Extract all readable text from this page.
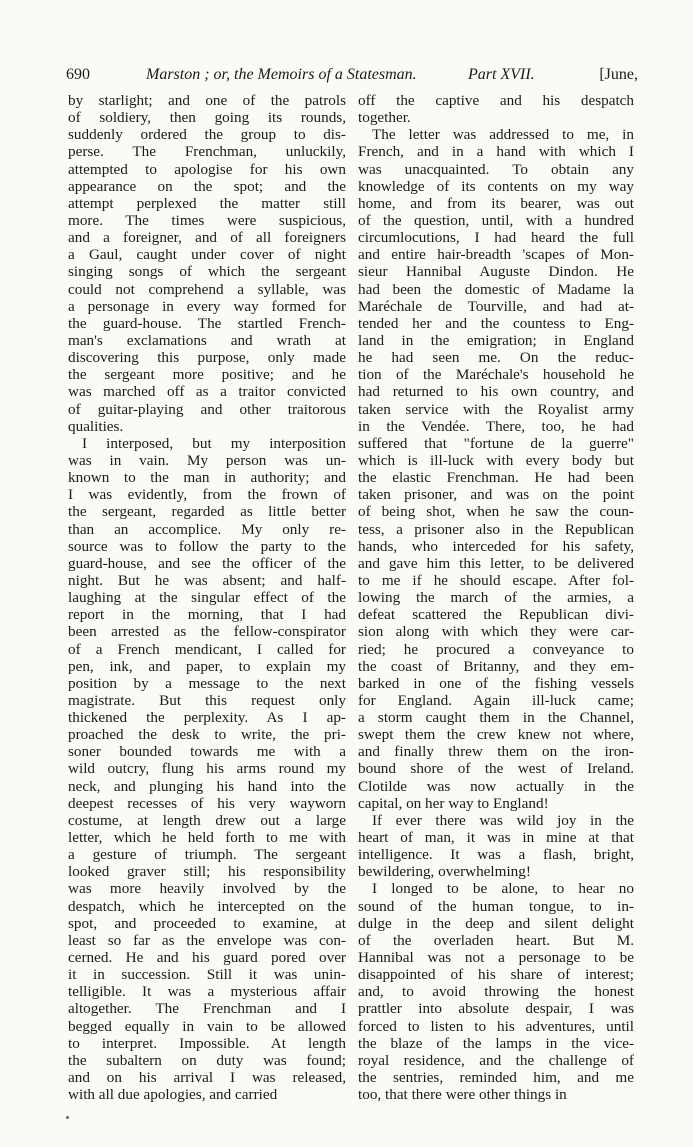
690	Marston ; or, the Memoirs of a Statesman.	Part XVII.	[June,
by starlight; and one of the patrols
of soldiery, then going its rounds,
suddenly ordered the group to dis-
perse. The Frenchman, unluckily,
attempted to apologise for his own
appearance on the spot; and the
attempt perplexed the matter still
more. The times were suspicious,
and a foreigner, and of all foreigners
a Gaul, caught under cover of night
singing songs of which the sergeant
could not comprehend a syllable, was
a personage in every way formed for
the guard-house. The startled French-
man's exclamations and wrath at
discovering this purpose, only made
the sergeant more positive; and he
was marched off as a traitor convicted
of guitar-playing and other traitorous
qualities.
I interposed, but my interposition
was in vain. My person was un-
known to the man in authority; and
I was evidently, from the frown of
the sergeant, regarded as little better
than an accomplice. My only re-
source was to follow the party to the
guard-house, and see the officer of the
night. But he was absent; and half-
laughing at the singular effect of the
report in the morning, that I had
been arrested as the fellow-conspirator
of a French mendicant, I called for
pen, ink, and paper, to explain my
position by a message to the next
magistrate. But this request only
thickened the perplexity. As I ap-
proached the desk to write, the pri-
soner bounded towards me with a
wild outcry, flung his arms round my
neck, and plunging his hand into the
deepest recesses of his very wayworn
costume, at length drew out a large
letter, which he held forth to me with
a gesture of triumph. The sergeant
looked graver still; his responsibility
was more heavily involved by the
despatch, which he intercepted on the
spot, and proceeded to examine, at
least so far as the envelope was con-
cerned. He and his guard pored over
it in succession. Still it was unin-
telligible. It was a mysterious affair
altogether. The Frenchman and I
begged equally in vain to be allowed
to interpret. Impossible. At length
the subaltern on duty was found;
and on his arrival I was released,
with all due apologies, and carried
off the captive and his despatch
together.
The letter was addressed to me, in
French, and in a hand with which I
was unacquainted. To obtain any
knowledge of its contents on my way
home, and from its bearer, was out
of the question, until, with a hundred
circumlocutions, I had heard the full
and entire hair-breadth 'scapes of Mon-
sieur Hannibal Auguste Dindon. He
had been the domestic of Madame la
Maréchale de Tourville, and had at-
tended her and the countess to Eng-
land in the emigration; in England
he had seen me. On the reduc-
tion of the Maréchale's household he
had returned to his own country, and
taken service with the Royalist army
in the Vendée. There, too, he had
suffered that "fortune de la guerre"
which is ill-luck with every body but
the elastic Frenchman. He had been
taken prisoner, and was on the point
of being shot, when he saw the coun-
tess, a prisoner also in the Republican
hands, who interceded for his safety,
and gave him this letter, to be delivered
to me if he should escape. After fol-
lowing the march of the armies, a
defeat scattered the Republican divi-
sion along with which they were car-
ried; he procured a conveyance to
the coast of Britanny, and they em-
barked in one of the fishing vessels
for England. Again ill-luck came;
a storm caught them in the Channel,
swept them the crew knew not where,
and finally threw them on the iron-
bound shore of the west of Ireland.
Clotilde was now actually in the
capital, on her way to England!
If ever there was wild joy in the
heart of man, it was in mine at that
intelligence. It was a flash, bright,
bewildering, overwhelming!
I longed to be alone, to hear no
sound of the human tongue, to in-
dulge in the deep and silent delight
of the overladen heart. But M.
Hannibal was not a personage to be
disappointed of his share of interest;
and, to avoid throwing the honest
prattler into absolute despair, I was
forced to listen to his adventures, until
the blaze of the lamps in the vice-
royal residence, and the challenge of
the sentries, reminded him, and me
too, that there were other things in
